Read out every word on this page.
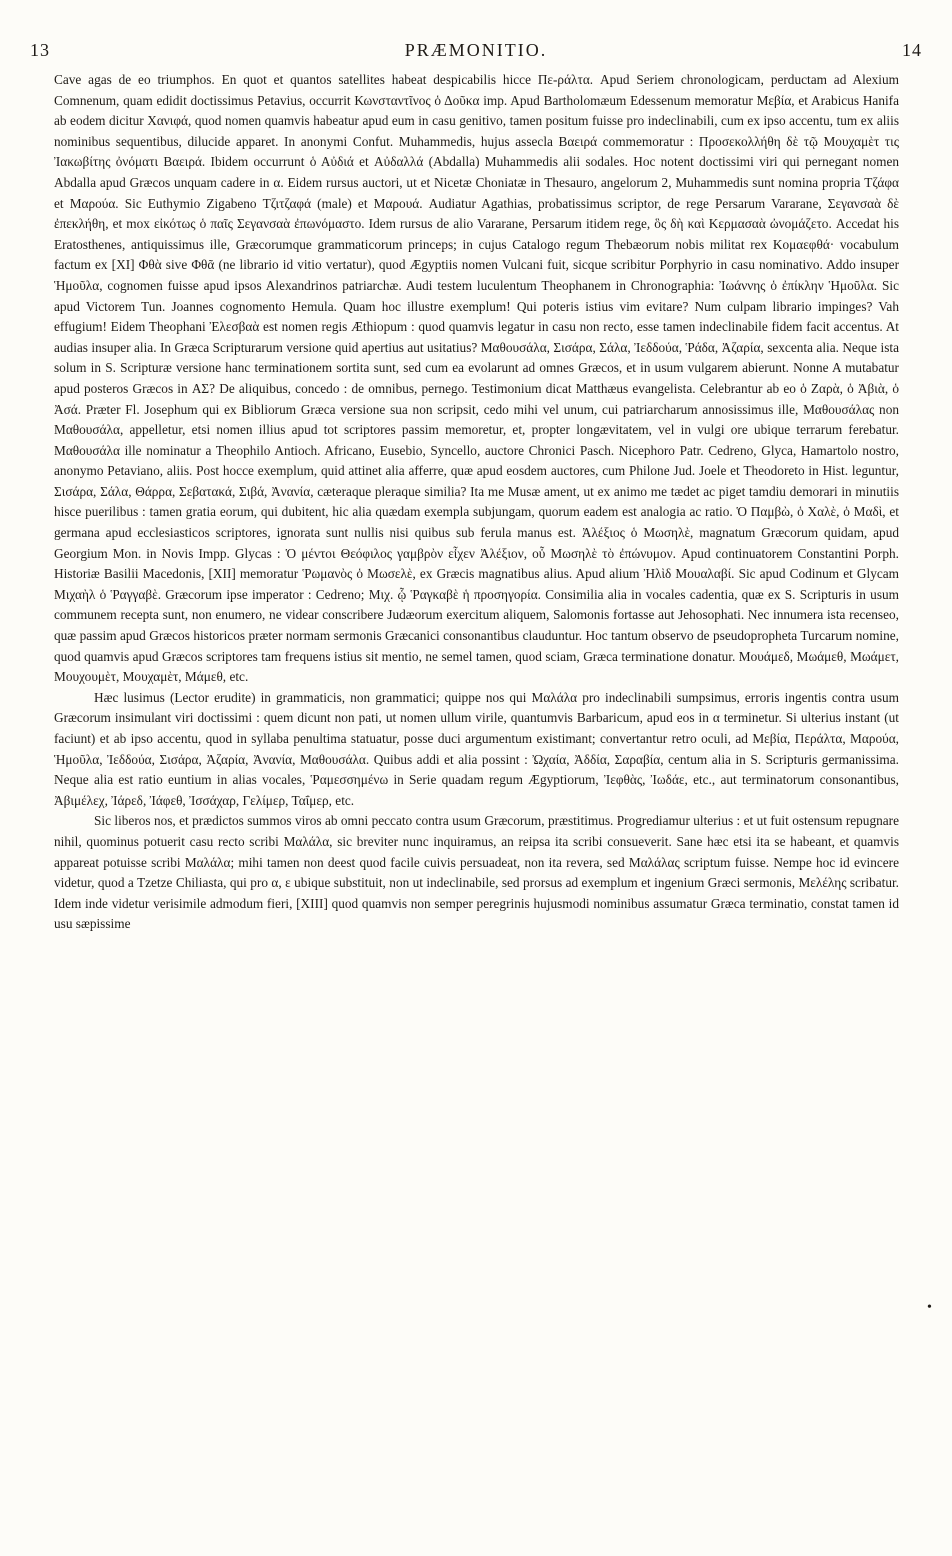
13	PRÆMONITIO.	14

Cave agas de eo triumphos. En quot et quantos satellites habeat despicabilis hicce Πε-ράλτα. Apud Seriem chronologicam, perductam ad Alexium Comnenum, quam edidit doctissimus Petavius, occurrit Κωνσταντῖνος ὁ Δοῦκα imp. Apud Bartholomæum Edessenum memoratur Μεβία, et Arabicus Hanifa ab eodem dicitur Χανιφά, quod nomen quamvis habeatur apud eum in casu genitivo, tamen positum fuisse pro indeclinabili, cum ex ipso accentu, tum ex aliis nominibus sequentibus, dilucide apparet. In anonymi Confut. Muhammedis, hujus assecla Βαειρά commemoratur : Προσεκολλήθη δὲ τῷ Μουχαμὲτ τις Ἰακωβίτης ὀνόματι Βαειρά. Ibidem occurrunt ὁ Αὐδιά et Αὐδαλλά (Abdalla) Muhammedis alii sodales. Hoc notent doctissimi viri qui pernegant nomen Abdalla apud Græcos unquam cadere in α. Eidem rursus auctori, ut et Nicetæ Choniatæ in Thesauro, angelorum 2, Muhammedis sunt nomina propria Τζάφα et Μαρούα. Sic Euthymio Zigabeno Τζιτζαφά (male) et Μαρουά. Audiatur Agathias, probatissimus scriptor, de rege Persarum Vararane, Σεγανσαὰ δὲ ἐπεκλήθη, et mox εἰκότως ὁ παῖς Σεγανσαὰ ἐπωνόμαστο. Idem rursus de alio Vararane, Persarum itidem rege, ὃς δὴ καὶ Κερμασαὰ ὠνομάζετο. Accedat his Eratosthenes, antiquissimus ille, Græcorumque grammaticorum princeps; in cujus Catalogo regum Thebæorum nobis militat rex Κομαεφθά· vocabulum factum ex [XI] Φθὰ sive Φθᾶ (ne librario id vitio vertatur), quod Ægyptiis nomen Vulcani fuit, sicque scribitur Porphyrio in casu nominativo. Addo insuper Ἡμοῦλα, cognomen fuisse apud ipsos Alexandrinos patriarchæ. Audi testem luculentum Theophanem in Chronographia: Ἰωάννης ὁ ἐπίκλην Ἡμοῦλα. Sic apud Victorem Tun. Joannes cognomento Hemula. Quam hoc illustre exemplum! Qui poteris istius vim evitare? Num culpam librario impinges? Vah effugium! Eidem Theophani Ἐλεσβαὰ est nomen regis Æthiopum : quod quamvis legatur in casu non recto, esse tamen indeclinabile fidem facit accentus. At audias insuper alia. In Græca Scripturarum versione quid apertius aut usitatius? Μαθουσάλα, Σισάρα, Σάλα, Ἰεδδούα, Ῥάδα, Ἀζαρία, sexcenta alia. Neque ista solum in S. Scripturæ versione hanc terminationem sortita sunt, sed cum ea evolarunt ad omnes Græcos, et in usum vulgarem abierunt. Nonne A mutabatur apud posteros Græcos in ΑΣ? De aliquibus, concedo : de omnibus, pernego. Testimonium dicat Matthæus evangelista. Celebrantur ab eo ὁ Ζαρὰ, ὁ Ἀβιὰ, ὁ Ἀσά. Præter Fl. Josephum qui ex Bibliorum Græca versione sua non scripsit, cedo mihi vel unum, cui patriarcharum annosissimus ille, Μαθουσάλας non Μαθουσάλα, appelletur, etsi nomen illius apud tot scriptores passim memoretur, et, propter longævitatem, vel in vulgi ore ubique terrarum ferebatur. Μαθουσάλα ille nominatur a Theophilo Antioch. Africano, Eusebio, Syncello, auctore Chronici Pasch. Nicephoro Patr. Cedreno, Glyca, Hamartolo nostro, anonymo Petaviano, aliis. Post hocce exemplum, quid attinet alia afferre, quæ apud eosdem auctores, cum Philone Jud. Joele et Theodoreto in Hist. leguntur, Σισάρα, Σάλα, Θάρρα, Σεβατακά, Σιβά, Ἀνανία, cæteraque pleraque similia? Ita me Musæ ament, ut ex animo me tædet ac piget tamdiu demorari in minutiis hisce puerilibus : tamen gratia eorum, qui dubitent, hic alia quædam exempla subjungam, quorum eadem est analogia ac ratio. Ὁ Παμβὼ, ὁ Χαλὲ, ὁ Μαδὶ, et germana apud ecclesiasticos scriptores, ignorata sunt nullis nisi quibus sub ferula manus est. Ἀλέξιος ὁ Μωσηλὲ, magnatum Græcorum quidam, apud Georgium Mon. in Novis Impp. Glycas : Ὁ μέντοι Θεόφιλος γαμβρὸν εἶχεν Ἀλέξιον, οὗ Μωσηλὲ τὸ ἐπώνυμον. Apud continuatorem Constantini Porph. Historiæ Basilii Macedonis, [XII] memoratur Ῥωμανὸς ὁ Μωσελὲ, ex Græcis magnatibus alius. Apud alium Ἠλὶδ Μουαλαβί. Sic apud Codinum et Glycam Μιχαὴλ ὁ Ῥαγγαβὲ. Græcorum ipse imperator : Cedreno; Μιχ. ᾧ Ῥαγκαβὲ ἡ προσηγορία. Consimilia alia in vocales cadentia, quæ ex S. Scripturis in usum communem recepta sunt, non enumero, ne videar conscribere Judæorum exercitum aliquem, Salomonis fortasse aut Jehosophati. Nec innumera ista recenseo, quæ passim apud Græcos historicos præter normam sermonis Græcanici consonantibus clauduntur. Hoc tantum observo de pseudopropheta Turcarum nomine, quod quamvis apud Græcos scriptores tam frequens istius sit mentio, ne semel tamen, quod sciam, Græca terminatione donatur. Μουάμεδ, Μωάμεθ, Μωάμετ, Μουχουμὲτ, Μουχαμὲτ, Μάμεθ, etc.

Hæc lusimus (Lector erudite) in grammaticis, non grammatici; quippe nos qui Μαλάλα pro indeclinabili sumpsimus, erroris ingentis contra usum Græcorum insimulant viri doctissimi : quem dicunt non pati, ut nomen ullum virile, quantumvis Barbaricum, apud eos in α terminetur. Si ulterius instant (ut faciunt) et ab ipso accentu, quod in syllaba penultima statuatur, posse duci argumentum existimant; convertantur retro oculi, ad Μεβία, Περάλτα, Μαρούα, Ἡμοῦλα, Ἰεδδούα, Σισάρα, Ἀζαρία, Ἀνανία, Μαθουσάλα. Quibus addi et alia possint : Ὠχαία, Ἀδδία, Σαραβία, centum alia in S. Scripturis germanissima. Neque alia est ratio euntium in alias vocales, Ῥαμεσσημένω in Serie quadam regum Ægyptiorum, Ἰεφθὰς, Ἰωδάε, etc., aut terminatorum consonantibus, Ἀβιμέλεχ, Ἰάρεδ, Ἰάφεθ, Ἰσσάχαρ, Γελίμερ, Ταΐμερ, etc.

Sic liberos nos, et prædictos summos viros ab omni peccato contra usum Græcorum, præstitimus. Progrediamur ulterius : et ut fuit ostensum repugnare nihil, quominus potuerit casu recto scribi Μαλάλα, sic breviter nunc inquiramus, an reipsa ita scribi consueverit. Sane hæc etsi ita se habeant, et quamvis appareat potuisse scribi Μαλάλα; mihi tamen non deest quod facile cuivis persuadeat, non ita revera, sed Μαλάλας scriptum fuisse. Nempe hoc id evincere videtur, quod a Tzetze Chiliasta, qui pro α, ε ubique substituit, non ut indeclinabile, sed prorsus ad exemplum et ingenium Græci sermonis, Μελέλης scribatur. Idem inde videtur verisimile admodum fieri, [XIII] quod quamvis non semper peregrinis hujusmodi nominibus assumatur Græca terminatio, constat tamen id usu sæpissime

•
